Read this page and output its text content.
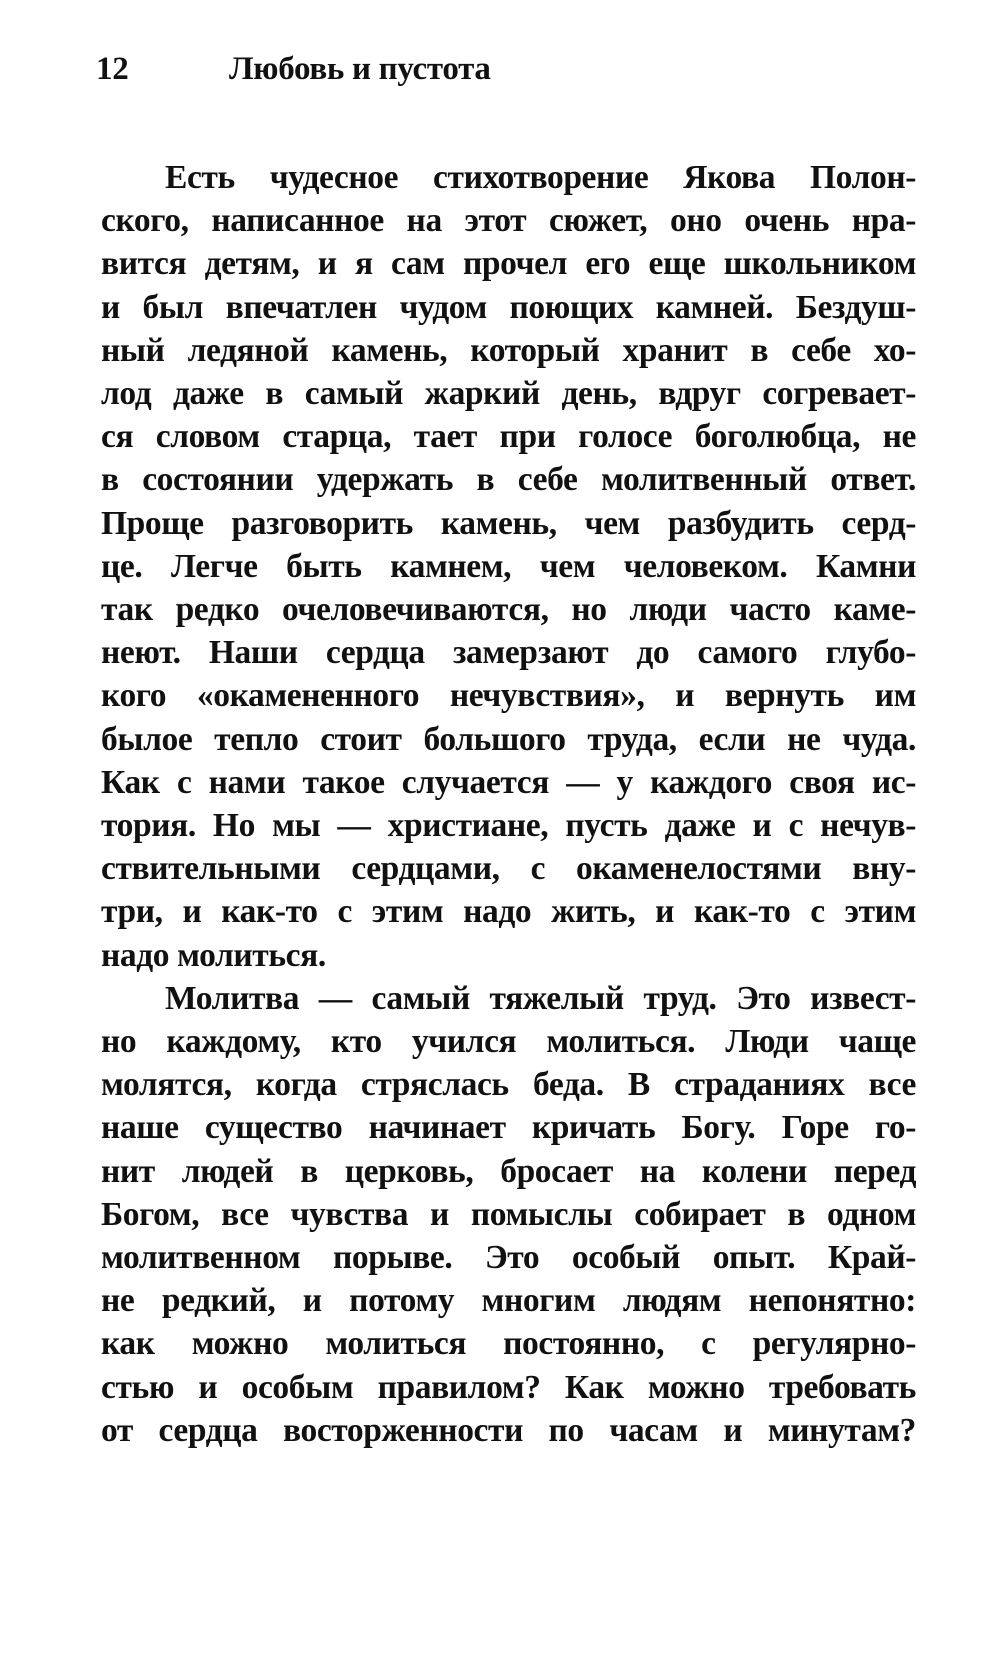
12	Любовь и пустота
Есть чудесное стихотворение Якова Полон-
ского, написанное на этот сюжет, оно очень нра-
вится детям, и я сам прочел его еще школьником
и был впечатлен чудом поющих камней. Бездуш-
ный ледяной камень, который хранит в себе хо-
лод даже в самый жаркий день, вдруг согревает-
ся словом старца, тает при голосе боголюбца, не
в состоянии удержать в себе молитвенный ответ.
Проще разговорить камень, чем разбудить серд-
це. Легче быть камнем, чем человеком. Камни
так редко очеловечиваются, но люди часто каме-
неют. Наши сердца замерзают до самого глубо-
кого «окамененного нечувствия», и вернуть им
былое тепло стоит большого труда, если не чуда.
Как с нами такое случается — у каждого своя ис-
тория. Но мы — христиане, пусть даже и с нечув-
ствительными сердцами, с окаменелостями вну-
три, и как-то с этим надо жить, и как-то с этим
надо молиться.
Молитва — самый тяжелый труд. Это извест-
но каждому, кто учился молиться. Люди чаще
молятся, когда стряслась беда. В страданиях все
наше существо начинает кричать Богу. Горе го-
нит людей в церковь, бросает на колени перед
Богом, все чувства и помыслы собирает в одном
молитвенном порыве. Это особый опыт. Край-
не редкий, и потому многим людям непонятно:
как можно молиться постоянно, с регулярно-
стью и особым правилом? Как можно требовать
от сердца восторженности по часам и минутам?
